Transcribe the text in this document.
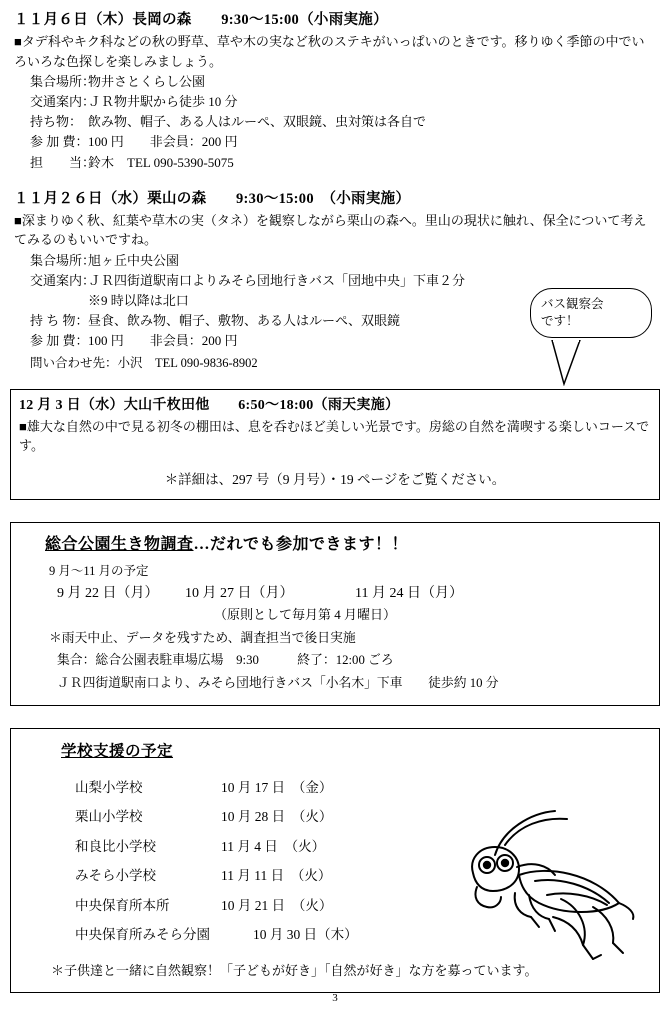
１１月６日（木）長岡の森　　9:30～15:00（小雨実施）
■タデ科やキク科などの秋の野草、草や木の実など秋のステキがいっぱいのときです。移りゆく季節の中でいろいろな色探しを楽しみましょう。
集合場所：
物井さとくらし公園
交通案内：
ＪＲ物井駅から徒歩 10 分
持ち物： 飲み物、帽子、ある人はルーペ、双眼鏡、虫対策は各自で
参 加 費： 100 円　　非会員：200 円
担　　当：
鈴木　TEL 090-5390-5075
１１月２６日（水）栗山の森　　9:30～15:00　（小雨実施）
■深まりゆく秋、紅葉や草木の実（タネ）を観察しながら栗山の森へ。里山の現状に触れ、保全について考えてみるのもいいですね。
集合場所：
旭ヶ丘中央公園
交通案内：
ＪＲ四街道駅南口よりみそら団地行きバス「団地中央」下車２分
※9 時以降は北口
持 ち 物： 昼食、飲み物、帽子、敷物、ある人はルーペ、双眼鏡
参 加 費： 100 円　　非会員：200 円
問い合わせ先：小沢　TEL 090-9836-8902
12 月 3 日（水）大山千枚田他　　6:50～18:00（雨天実施）
■雄大な自然の中で見る初冬の棚田は、息を呑むほど美しい光景です。房総の自然を満喫する楽しいコースです。
＊詳細は、297 号（9 月号）・19 ページをご覧ください。
バス観察会
です！
総合公園生き物調査…だれでも参加できます！！
9 月～11 月の予定
9 月 22 日（月）	10 月 27 日（月）	11 月 24 日（月）
（原則として毎月第 4 月曜日）
＊雨天中止、データを残すため、調査担当で後日実施
集合：総合公園表駐車場広場　9:30　　　終了：12:00 ごろ
ＪＲ四街道駅南口より、みそら団地行きバス「小名木」下車　　徒歩約 10 分
学校支援の予定
山梨小学校	10 月 17 日　（金）
栗山小学校	10 月 28 日　（火）
和良比小学校	11 月 4 日　（火）
みそら小学校	11 月 11 日　（火）
中央保育所本所	10 月 21 日　（火）
中央保育所みそら分園	10 月 30 日（木）
＊子供達と一緒に自然観察！「子どもが好き」「自然が好き」な方を募っています。
3
